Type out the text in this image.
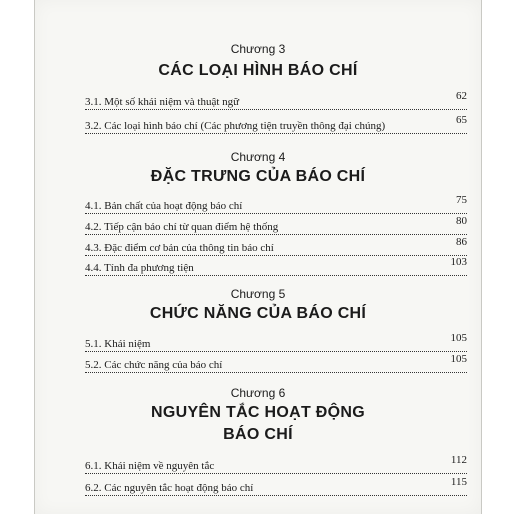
Chương 3
CÁC LOẠI HÌNH BÁO CHÍ
3.1. Một số khái niệm và thuật ngữ	62
3.2. Các loại hình báo chí (Các phương tiện truyền thông đại chúng)	65
Chương 4
ĐẶC TRƯNG CỦA BÁO CHÍ
4.1. Bản chất của hoạt động báo chí	75
4.2. Tiếp cận báo chí từ quan điểm hệ thống	80
4.3. Đặc điểm cơ bản của thông tin báo chí	86
4.4. Tính đa phương tiện	103
Chương 5
CHỨC NĂNG CỦA BÁO CHÍ
5.1. Khái niệm	105
5.2. Các chức năng của báo chí	105
Chương 6
NGUYÊN TẮC HOẠT ĐỘNG
BÁO CHÍ
6.1. Khái niệm về nguyên tắc	112
6.2. Các nguyên tắc hoạt động báo chí	115
